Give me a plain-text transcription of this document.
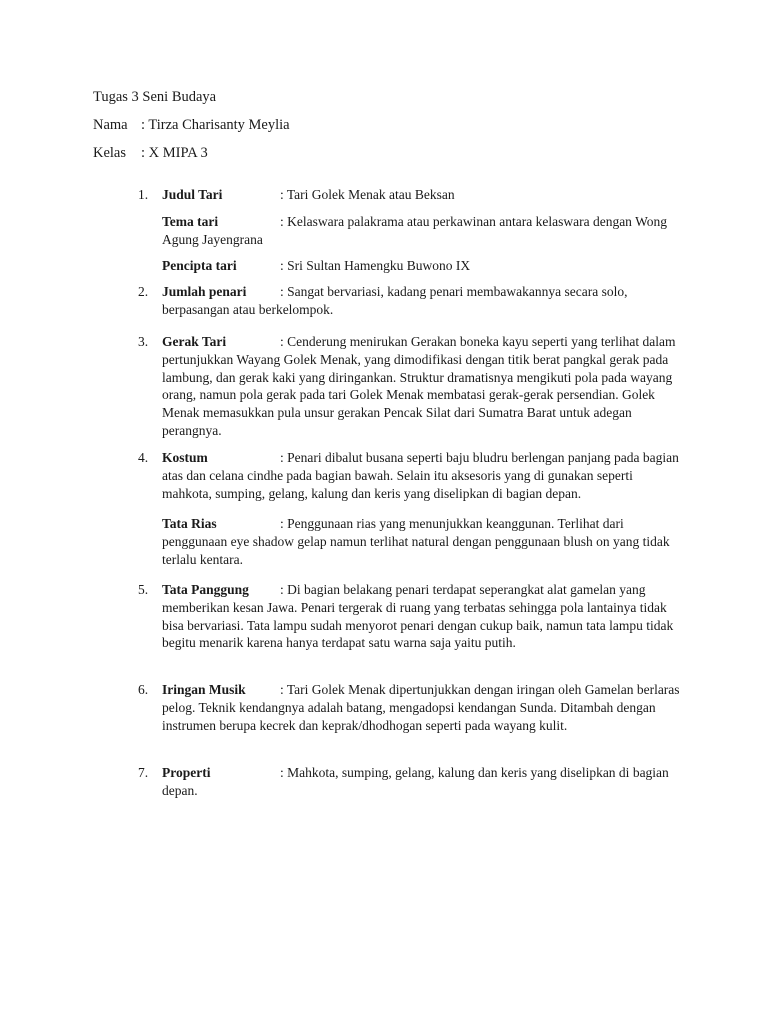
Tugas 3 Seni Budaya
Nama : Tirza Charisanty Meylia
Kelas : X MIPA 3
1. Judul Tari	: Tari Golek Menak atau Beksan
Tema tari	: Kelaswara palakrama atau perkawinan antara kelaswara dengan Wong Agung Jayengrana
Pencipta tari	: Sri Sultan Hamengku Buwono IX
2. Jumlah penari : Sangat bervariasi, kadang penari membawakannya secara solo, berpasangan atau berkelompok.
3. Gerak Tari	: Cenderung menirukan Gerakan boneka kayu seperti yang terlihat dalam pertunjukkan Wayang Golek Menak, yang dimodifikasi dengan titik berat pangkal gerak pada lambung, dan gerak kaki yang diringankan. Struktur dramatisnya mengikuti pola pada wayang orang, namun pola gerak pada tari Golek Menak membatasi gerak-gerak persendian. Golek Menak memasukkan pula unsur gerakan Pencak Silat dari Sumatra Barat untuk adegan perangnya.
4. Kostum	: Penari dibalut busana seperti baju bludru berlengan panjang pada bagian atas dan celana cindhe pada bagian bawah. Selain itu aksesoris yang di gunakan seperti mahkota, sumping, gelang, kalung dan keris yang diselipkan di bagian depan.
Tata Rias	: Penggunaan rias yang menunjukkan keanggunan. Terlihat dari penggunaan eye shadow gelap namun terlihat natural dengan penggunaan blush on yang tidak terlalu kentara.
5. Tata Panggung : Di bagian belakang penari terdapat seperangkat alat gamelan yang memberikan kesan Jawa. Penari tergerak di ruang yang terbatas sehingga pola lantainya tidak bisa bervariasi. Tata lampu sudah menyorot penari dengan cukup baik, namun tata lampu tidak begitu menarik karena hanya terdapat satu warna saja yaitu putih.
6. Iringan Musik	: Tari Golek Menak dipertunjukkan dengan iringan oleh Gamelan berlaras pelog. Teknik kendangnya adalah batang, mengadopsi kendangan Sunda. Ditambah dengan instrumen berupa kecrek dan keprak/dhodhogan seperti pada wayang kulit.
7. Properti	: Mahkota, sumping, gelang, kalung dan keris yang diselipkan di bagian depan.
